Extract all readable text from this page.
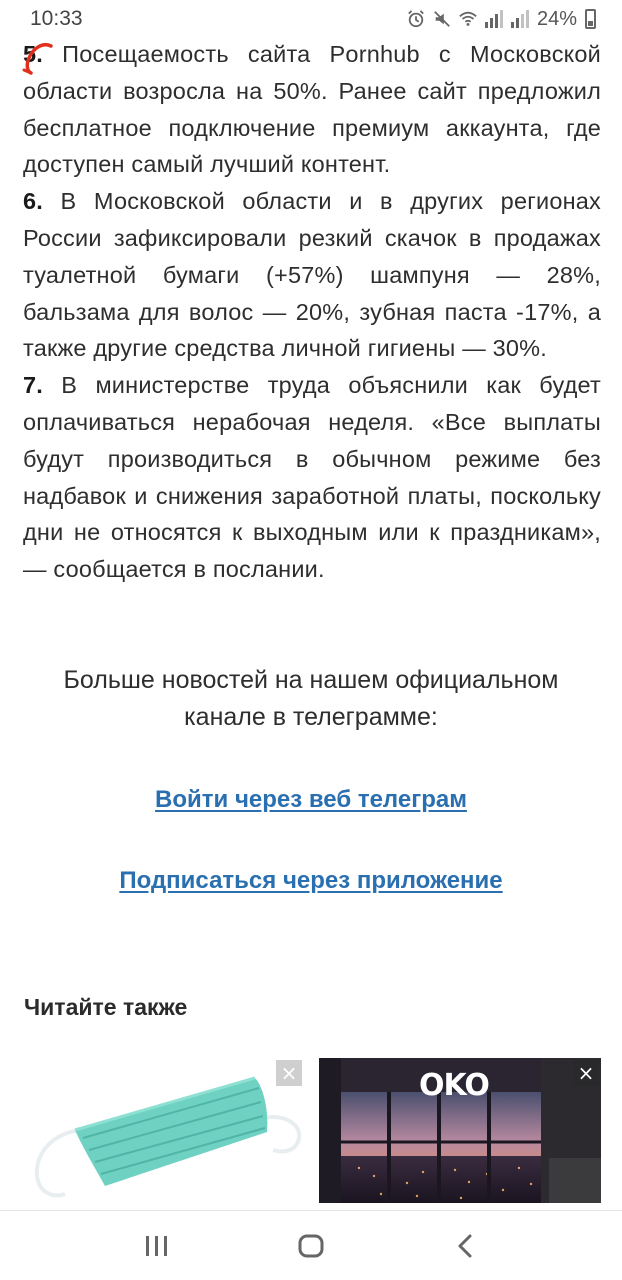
10:33	24%

5. Посещаемость сайта Pornhub с Московской области возросла на 50%. Ранее сайт предложил бесплатное подключение премиум аккаунта, где доступен самый лучший контент.

6. В Московской области и в других регионах России зафиксировали резкий скачок в продажах туалетной бумаги (+57%) шампуня — 28%, бальзама для волос — 20%, зубная паста -17%, а также другие средства личной гигиены — 30%.

7. В министерстве труда объяснили как будет оплачиваться нерабочая неделя. «Все выплаты будут производиться в обычном режиме без надбавок и снижения заработной платы, поскольку дни не относятся к выходным или к праздникам», — сообщается в послании.

Больше новостей на нашем официальном
канале в телеграмме:
Войти через веб телеграм
Подписаться через приложение
Читайте также
×	OKO	×
